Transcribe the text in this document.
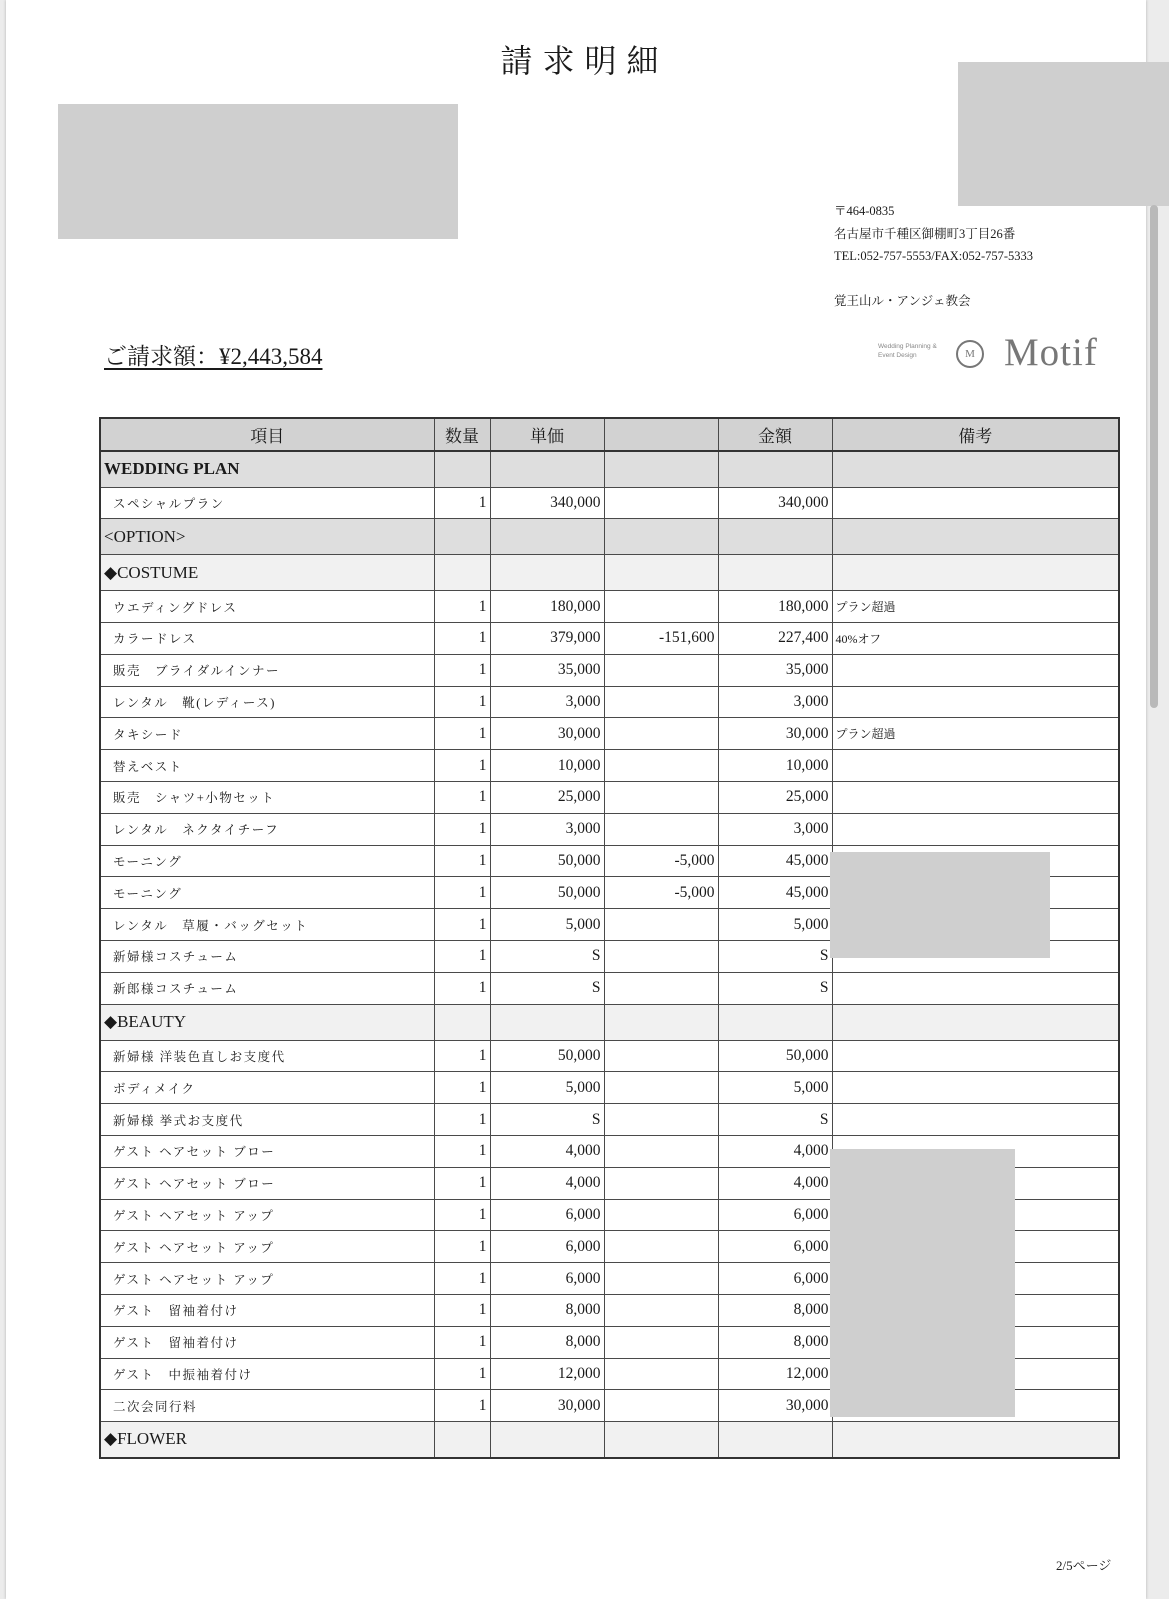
請求明細
〒464-0835
名古屋市千種区御棚町3丁目26番
TEL:052-757-5553/FAX:052-757-5333
覚王山ル・アンジェ教会
ご請求額：¥2,443,584	Wedding Planning & Event Design	M Motif
項目	数量	単価		金額	備考
WEDDING PLAN					
スペシャルプラン	1	340,000		340,000	
<OPTION>					
◆COSTUME					
ウエディングドレス	1	180,000		180,000	プラン超過
カラードレス	1	379,000	-151,600	227,400	40%オフ
販売　ブライダルインナー	1	35,000		35,000	
レンタル　靴(レディース)	1	3,000		3,000	
タキシード	1	30,000		30,000	プラン超過
替えベスト	1	10,000		10,000	
販売　シャツ+小物セット	1	25,000		25,000	
レンタル　ネクタイチーフ	1	3,000		3,000	
モーニング	1	50,000	-5,000	45,000	
モーニング	1	50,000	-5,000	45,000	
レンタル　草履・バッグセット	1	5,000		5,000	
新婦様コスチューム	1	S		S	
新郎様コスチューム	1	S		S	
◆BEAUTY					
新婦様 洋装色直しお支度代	1	50,000		50,000	
ボディメイク	1	5,000		5,000	
新婦様 挙式お支度代	1	S		S	
ゲスト ヘアセット ブロー	1	4,000		4,000	
ゲスト ヘアセット ブロー	1	4,000		4,000	
ゲスト ヘアセット アップ	1	6,000		6,000	
ゲスト ヘアセット アップ	1	6,000		6,000	
ゲスト ヘアセット アップ	1	6,000		6,000	
ゲスト　留袖着付け	1	8,000		8,000	
ゲスト　留袖着付け	1	8,000		8,000	
ゲスト　中振袖着付け	1	12,000		12,000	
二次会同行料	1	30,000		30,000	
◆FLOWER					
2/5ページ
